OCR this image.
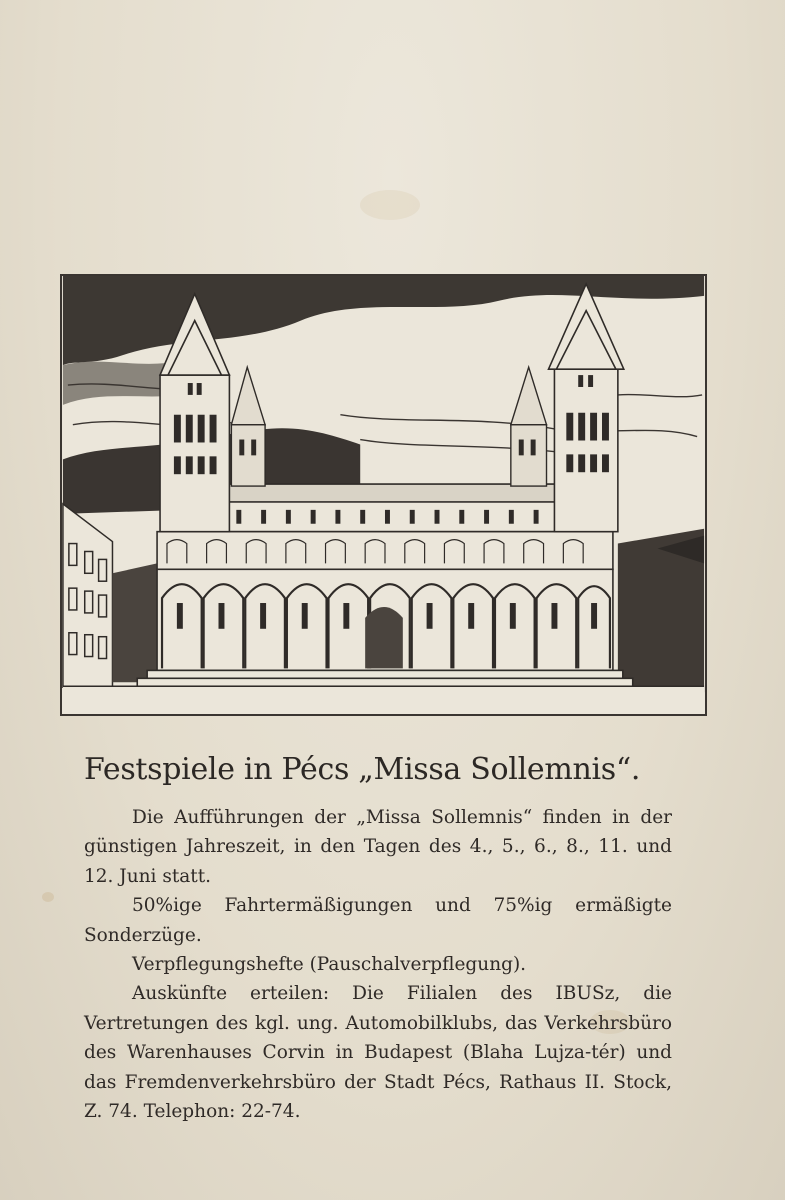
Festspiele in Pécs „Missa Sollemnis“.

Die Aufführungen der „Missa Sollemnis“ finden in der günstigen Jahreszeit, in den Tagen des 4., 5., 6., 8., 11. und 12. Juni statt.

50%ige Fahrtermäßigungen und 75%ig ermäßigte Sonderzüge.

Verpflegungshefte (Pauschalverpflegung).

Auskünfte erteilen: Die Filialen des IBUSz, die Vertretungen des kgl. ung. Automobilklubs, das Verkehrsbüro des Warenhauses Corvin in Budapest (Blaha Lujza-tér) und das Fremdenverkehrsbüro der Stadt Pécs, Rathaus II. Stock, Z. 74. Telephon: 22-74.
